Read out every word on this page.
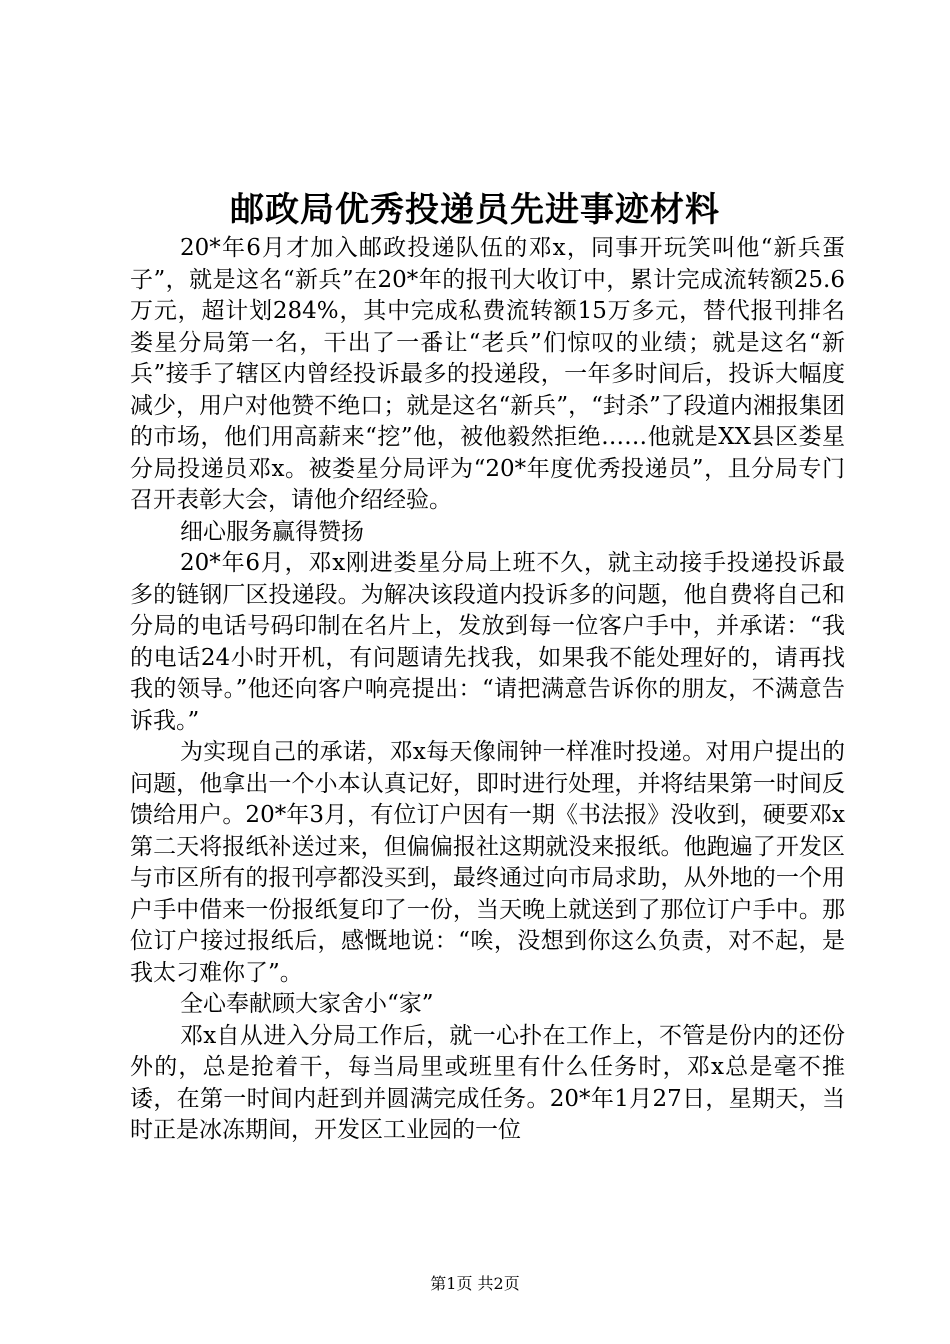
邮政局优秀投递员先进事迹材料

20*年6月才加入邮政投递队伍的邓x，同事开玩笑叫他“新兵蛋子”，就是这名“新兵”在20*年的报刊大收订中，累计完成流转额25.6万元，超计划284%，其中完成私费流转额15万多元，替代报刊排名娄星分局第一名，干出了一番让“老兵”们惊叹的业绩；就是这名“新兵”接手了辖区内曾经投诉最多的投递段，一年多时间后，投诉大幅度减少，用户对他赞不绝口；就是这名“新兵”，“封杀”了段道内湘报集团的市场，他们用高薪来“挖”他，被他毅然拒绝……他就是XX县区娄星分局投递员邓x。被娄星分局评为“20*年度优秀投递员”，且分局专门召开表彰大会，请他介绍经验。

细心服务赢得赞扬

20*年6月，邓x刚进娄星分局上班不久，就主动接手投递投诉最多的链钢厂区投递段。为解决该段道内投诉多的问题，他自费将自己和分局的电话号码印制在名片上，发放到每一位客户手中，并承诺：“我的电话24小时开机，有问题请先找我，如果我不能处理好的，请再找我的领导。”他还向客户响亮提出：“请把满意告诉你的朋友，不满意告诉我。”

为实现自己的承诺，邓x每天像闹钟一样准时投递。对用户提出的问题，他拿出一个小本认真记好，即时进行处理，并将结果第一时间反馈给用户。20*年3月，有位订户因有一期《书法报》没收到，硬要邓x第二天将报纸补送过来，但偏偏报社这期就没来报纸。他跑遍了开发区与市区所有的报刊亭都没买到，最终通过向市局求助，从外地的一个用户手中借来一份报纸复印了一份，当天晚上就送到了那位订户手中。那位订户接过报纸后，感慨地说：“唉，没想到你这么负责，对不起，是我太刁难你了”。

全心奉献顾大家舍小“家”

邓x自从进入分局工作后，就一心扑在工作上，不管是份内的还份外的，总是抢着干，每当局里或班里有什么任务时，邓x总是毫不推诿，在第一时间内赶到并圆满完成任务。20*年1月27日，星期天，当时正是冰冻期间，开发区工业园的一位

第1页 共2页
